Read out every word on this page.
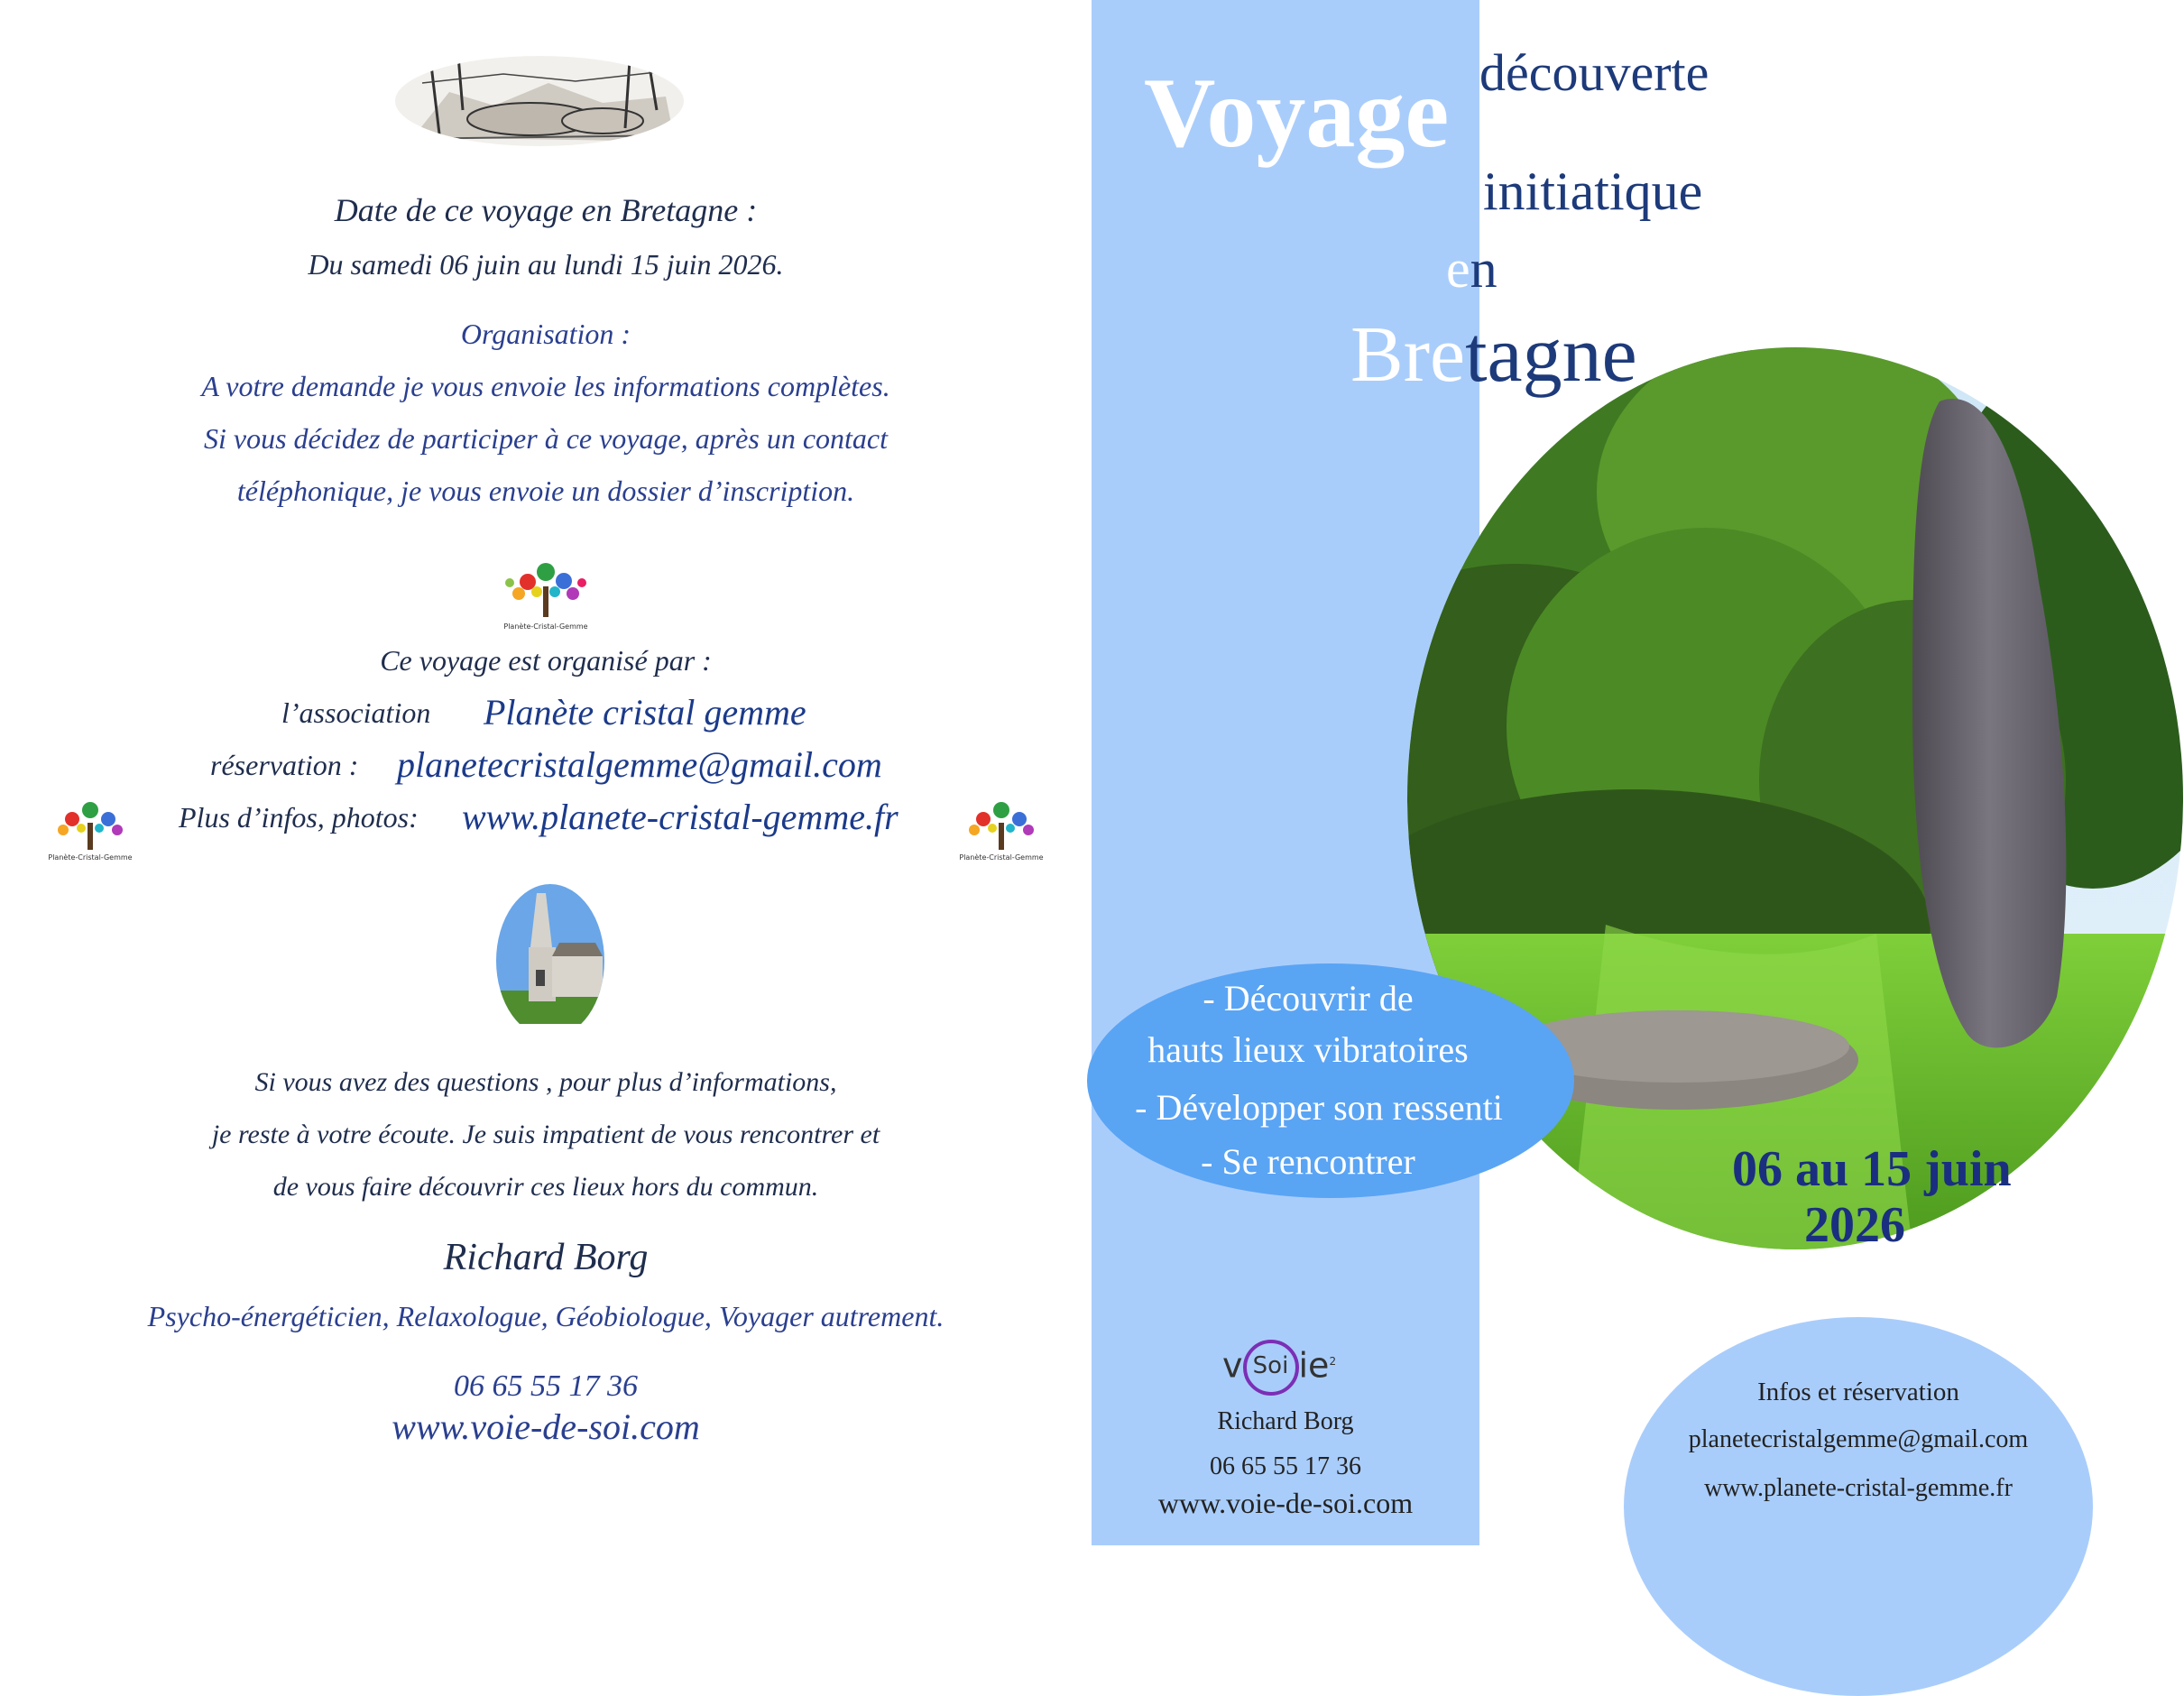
Date de ce voyage en Bretagne :
Du samedi 06 juin au lundi 15 juin 2026.
Organisation :
A votre demande je vous envoie les informations complètes.
Si vous décidez de participer à ce voyage, après un contact
téléphonique, je vous envoie un dossier d’inscription.
Planète-Cristal-Gemme
Ce voyage est organisé par :
l’association Planète cristal gemme
réservation : planetecristalgemme@gmail.com
Planète-Cristal-Gemme
Plus d’infos, photos: www.planete-cristal-gemme.fr
Planète-Cristal-Gemme
Si vous avez des questions , pour plus d’informations,
je reste à votre écoute. Je suis impatient de vous rencontrer et
de vous faire découvrir ces lieux hors du commun.
Richard Borg
Psycho-énergéticien, Relaxologue, Géobiologue, Voyager autrement.
06 65 55 17 36
www.voie-de-soi.com
Voyage découverte
initiatique
en
Bretagne
- Découvrir de
hauts lieux vibratoires
- Développer son ressenti
- Se rencontrer	06 au 15 juin
2026
v Soi $ie^2$
Richard Borg
06 65 55 17 36
www.voie-de-soi.com
Infos et réservation
planetecristalgemme@gmail.com
www.planete-cristal-gemme.fr
